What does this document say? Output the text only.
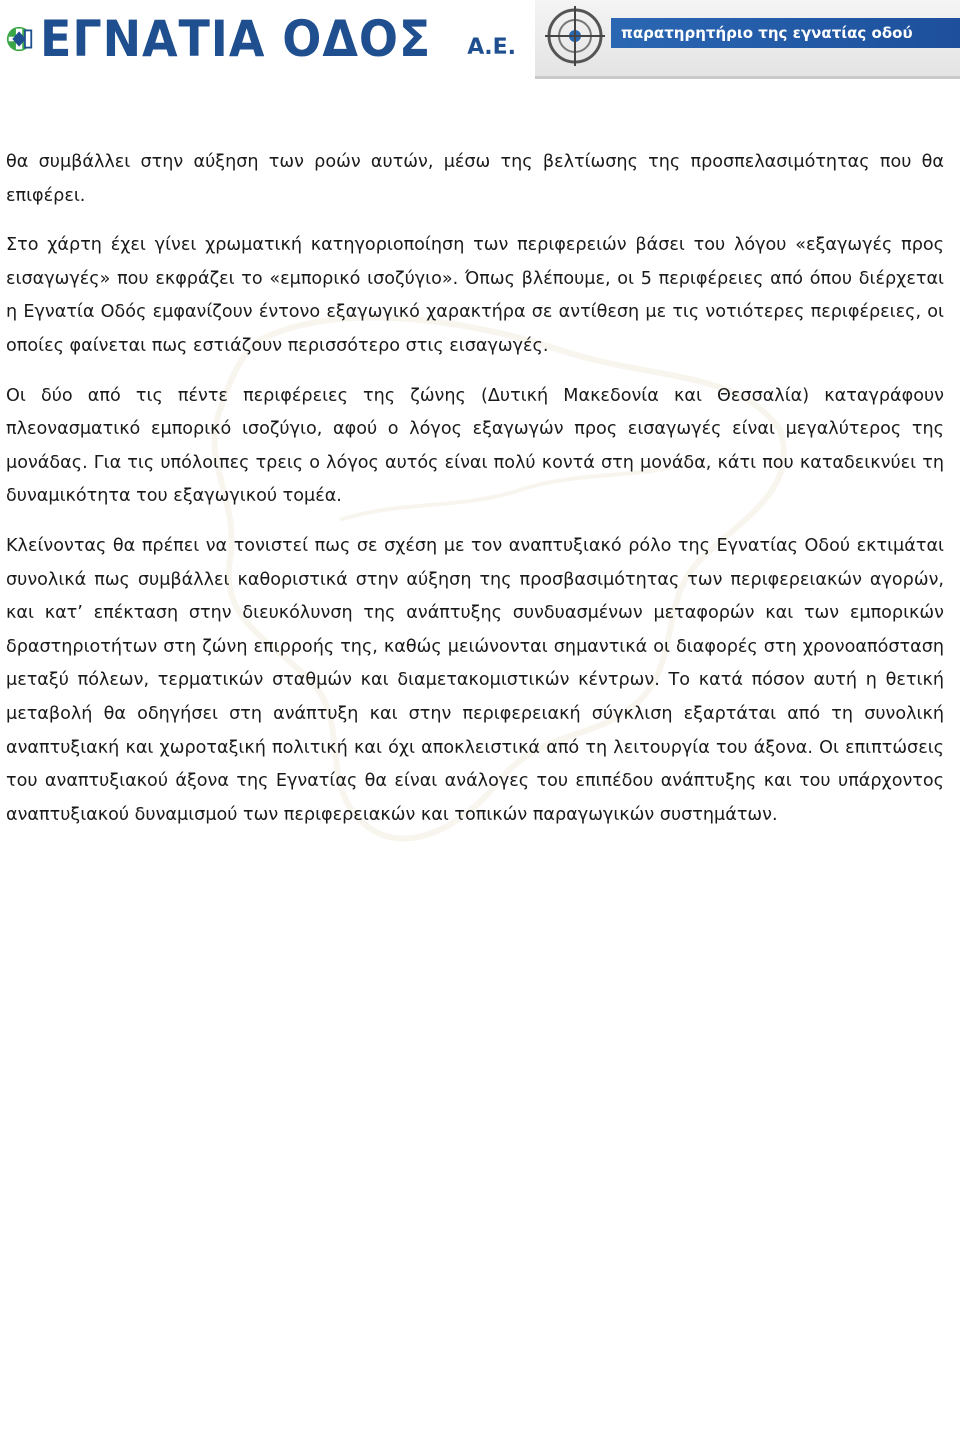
ΕΓΝΑΤΙΑ ΟΔΟΣ Α.Ε.
παρατηρητήριο της εγνατίας οδού

θα συμβάλλει στην αύξηση των ροών αυτών, μέσω της βελτίωσης της προσπελασιμότητας που θα επιφέρει.

Στο χάρτη έχει γίνει χρωματική κατηγοριοποίηση των περιφερειών βάσει του λόγου «εξαγωγές προς εισαγωγές» που εκφράζει το «εμπορικό ισοζύγιο». Όπως βλέπουμε, οι 5 περιφέρειες από όπου διέρχεται η Εγνατία Οδός εμφανίζουν έντονο εξαγωγικό χαρακτήρα σε αντίθεση με τις νοτιότερες περιφέρειες, οι οποίες φαίνεται πως εστιάζουν περισσότερο στις εισαγωγές.

Οι δύο από τις πέντε περιφέρειες της ζώνης (Δυτική Μακεδονία και Θεσσαλία) καταγράφουν πλεονασματικό εμπορικό ισοζύγιο, αφού ο λόγος εξαγωγών προς εισαγωγές είναι μεγαλύτερος της μονάδας. Για τις υπόλοιπες τρεις ο λόγος αυτός είναι πολύ κοντά στη μονάδα, κάτι που καταδεικνύει τη δυναμικότητα του εξαγωγικού τομέα.

Κλείνοντας θα πρέπει να τονιστεί πως σε σχέση με τον αναπτυξιακό ρόλο της Εγνατίας Οδού εκτιμάται συνολικά πως συμβάλλει καθοριστικά στην αύξηση της προσβασιμότητας των περιφερειακών αγορών, και κατ’ επέκταση στην διευκόλυνση της ανάπτυξης συνδυασμένων μεταφορών και των εμπορικών δραστηριοτήτων στη ζώνη επιρροής της, καθώς μειώνονται σημαντικά οι διαφορές στη χρονοαπόσταση μεταξύ πόλεων, τερματικών σταθμών και διαμετακομιστικών κέντρων. Το κατά πόσον αυτή η θετική μεταβολή θα οδηγήσει στη ανάπτυξη και στην περιφερειακή σύγκλιση εξαρτάται από τη συνολική αναπτυξιακή και χωροταξική πολιτική και όχι αποκλειστικά από τη λειτουργία του άξονα. Οι επιπτώσεις του αναπτυξιακού άξονα της Εγνατίας θα είναι ανάλογες του επιπέδου ανάπτυξης και του υπάρχοντος αναπτυξιακού δυναμισμού των περιφερειακών και τοπικών παραγωγικών συστημάτων.
